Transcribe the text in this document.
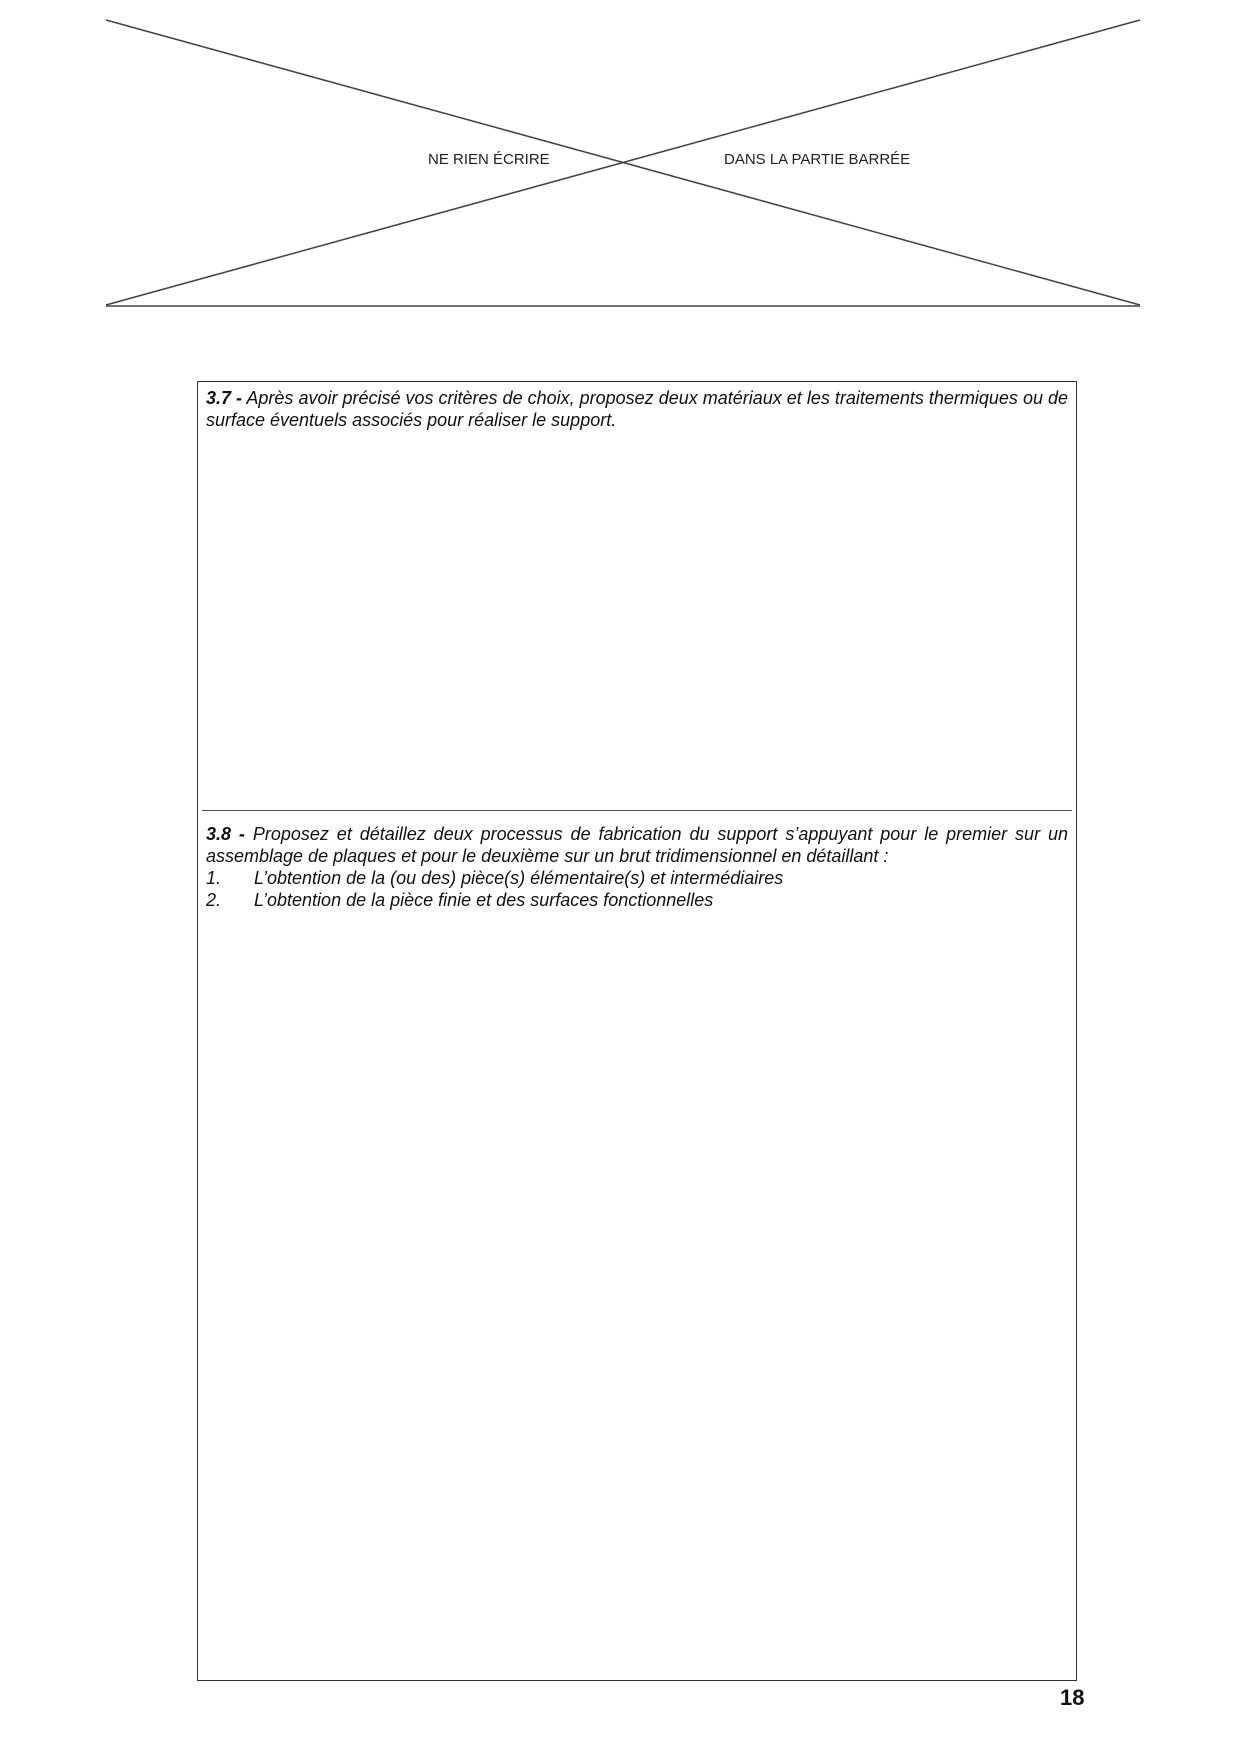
NE RIEN ÉCRIRE	DANS LA PARTIE BARRÉE
3.7 - Après avoir précisé vos critères de choix, proposez deux matériaux et les traitements thermiques ou de surface éventuels associés pour réaliser le support.
3.8 - Proposez et détaillez deux processus de fabrication du support s’appuyant pour le premier sur un assemblage de plaques et pour le deuxième sur un brut tridimensionnel en détaillant :
1.	L’obtention de la (ou des) pièce(s) élémentaire(s) et intermédiaires
2.	L’obtention de la pièce finie et des surfaces fonctionnelles
18
